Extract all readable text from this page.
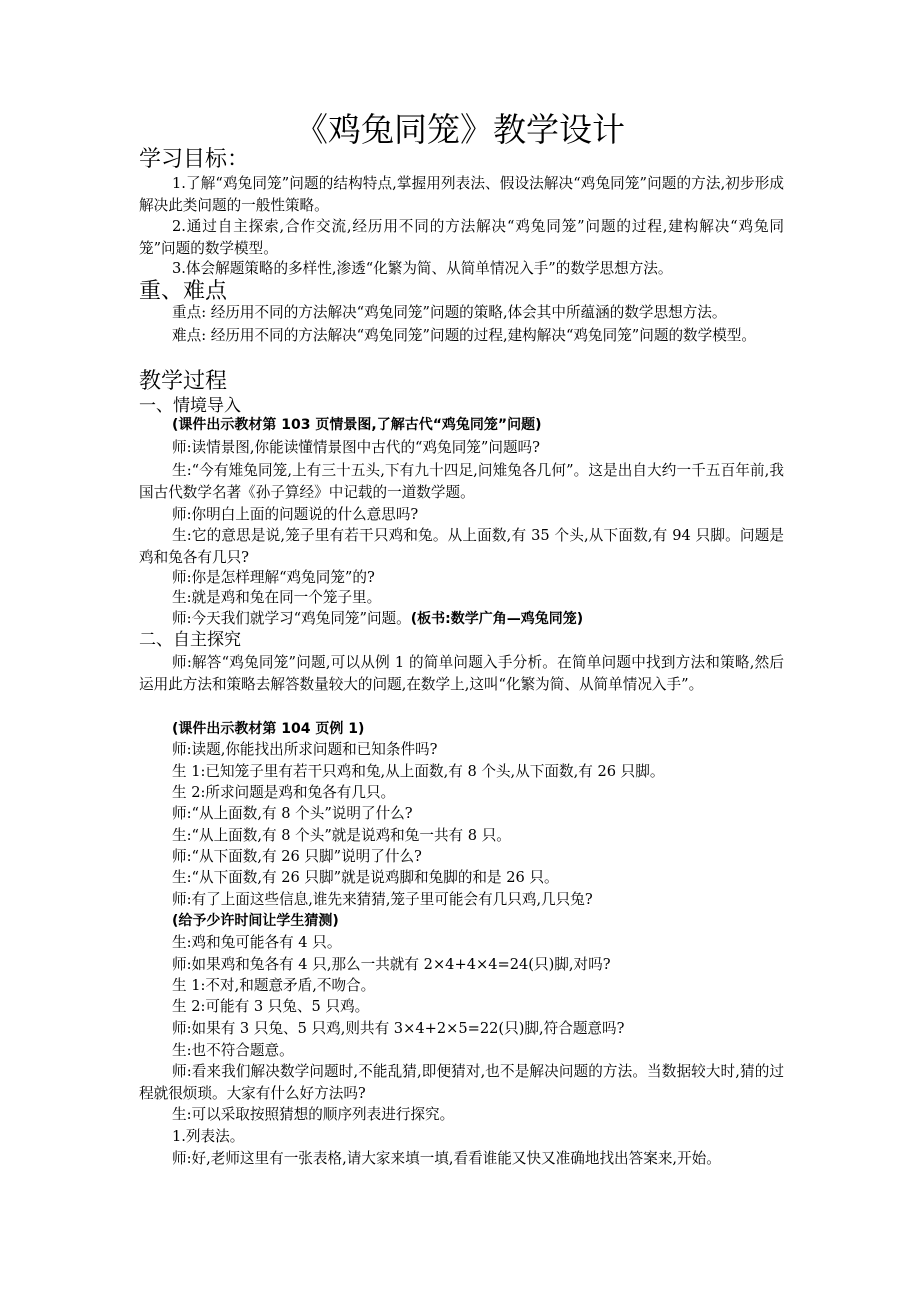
《鸡兔同笼》教学设计
学习目标：

1.了解“鸡兔同笼”问题的结构特点,掌握用列表法、假设法解决“鸡兔同笼”问题的方法,初步形成解决此类问题的一般性策略。

2.通过自主探索,合作交流,经历用不同的方法解决“鸡兔同笼”问题的过程,建构解决“鸡兔同笼”问题的数学模型。

3.体会解题策略的多样性,渗透“化繁为简、从简单情况入手”的数学思想方法。

重、难点

重点: 经历用不同的方法解决“鸡兔同笼”问题的策略,体会其中所蕴涵的数学思想方法。

难点: 经历用不同的方法解决“鸡兔同笼”问题的过程,建构解决“鸡兔同笼”问题的数学模型。

教学过程
一、情境导入

(课件出示教材第 103 页情景图,了解古代“鸡兔同笼”问题)

师:读情景图,你能读懂情景图中古代的“鸡兔同笼”问题吗?

生:“今有雉兔同笼,上有三十五头,下有九十四足,问雉兔各几何”。这是出自大约一千五百年前,我国古代数学名著《孙子算经》中记载的一道数学题。

师:你明白上面的问题说的什么意思吗?

生:它的意思是说,笼子里有若干只鸡和兔。从上面数,有 35 个头,从下面数,有 94 只脚。问题是鸡和兔各有几只?

师:你是怎样理解“鸡兔同笼”的?

生:就是鸡和兔在同一个笼子里。

师:今天我们就学习“鸡兔同笼”问题。(板书:数学广角—鸡兔同笼)

二、自主探究

师:解答“鸡兔同笼”问题,可以从例 1 的简单问题入手分析。在简单问题中找到方法和策略,然后运用此方法和策略去解答数量较大的问题,在数学上,这叫“化繁为简、从简单情况入手”。

(课件出示教材第 104 页例 1)

师:读题,你能找出所求问题和已知条件吗?

生 1:已知笼子里有若干只鸡和兔,从上面数,有 8 个头,从下面数,有 26 只脚。

生 2:所求问题是鸡和兔各有几只。

师:“从上面数,有 8 个头”说明了什么?

生:“从上面数,有 8 个头”就是说鸡和兔一共有 8 只。

师:“从下面数,有 26 只脚”说明了什么?

生:“从下面数,有 26 只脚”就是说鸡脚和兔脚的和是 26 只。

师:有了上面这些信息,谁先来猜猜,笼子里可能会有几只鸡,几只兔?

(给予少许时间让学生猜测)

生:鸡和兔可能各有 4 只。

师:如果鸡和兔各有 4 只,那么一共就有 2×4+4×4=24(只)脚,对吗?

生 1:不对,和题意矛盾,不吻合。

生 2:可能有 3 只兔、5 只鸡。

师:如果有 3 只兔、5 只鸡,则共有 3×4+2×5=22(只)脚,符合题意吗?

生:也不符合题意。

师:看来我们解决数学问题时,不能乱猜,即便猜对,也不是解决问题的方法。当数据较大时,猜的过程就很烦琐。大家有什么好方法吗?

生:可以采取按照猜想的顺序列表进行探究。

1.列表法。

师:好,老师这里有一张表格,请大家来填一填,看看谁能又快又准确地找出答案来,开始。
